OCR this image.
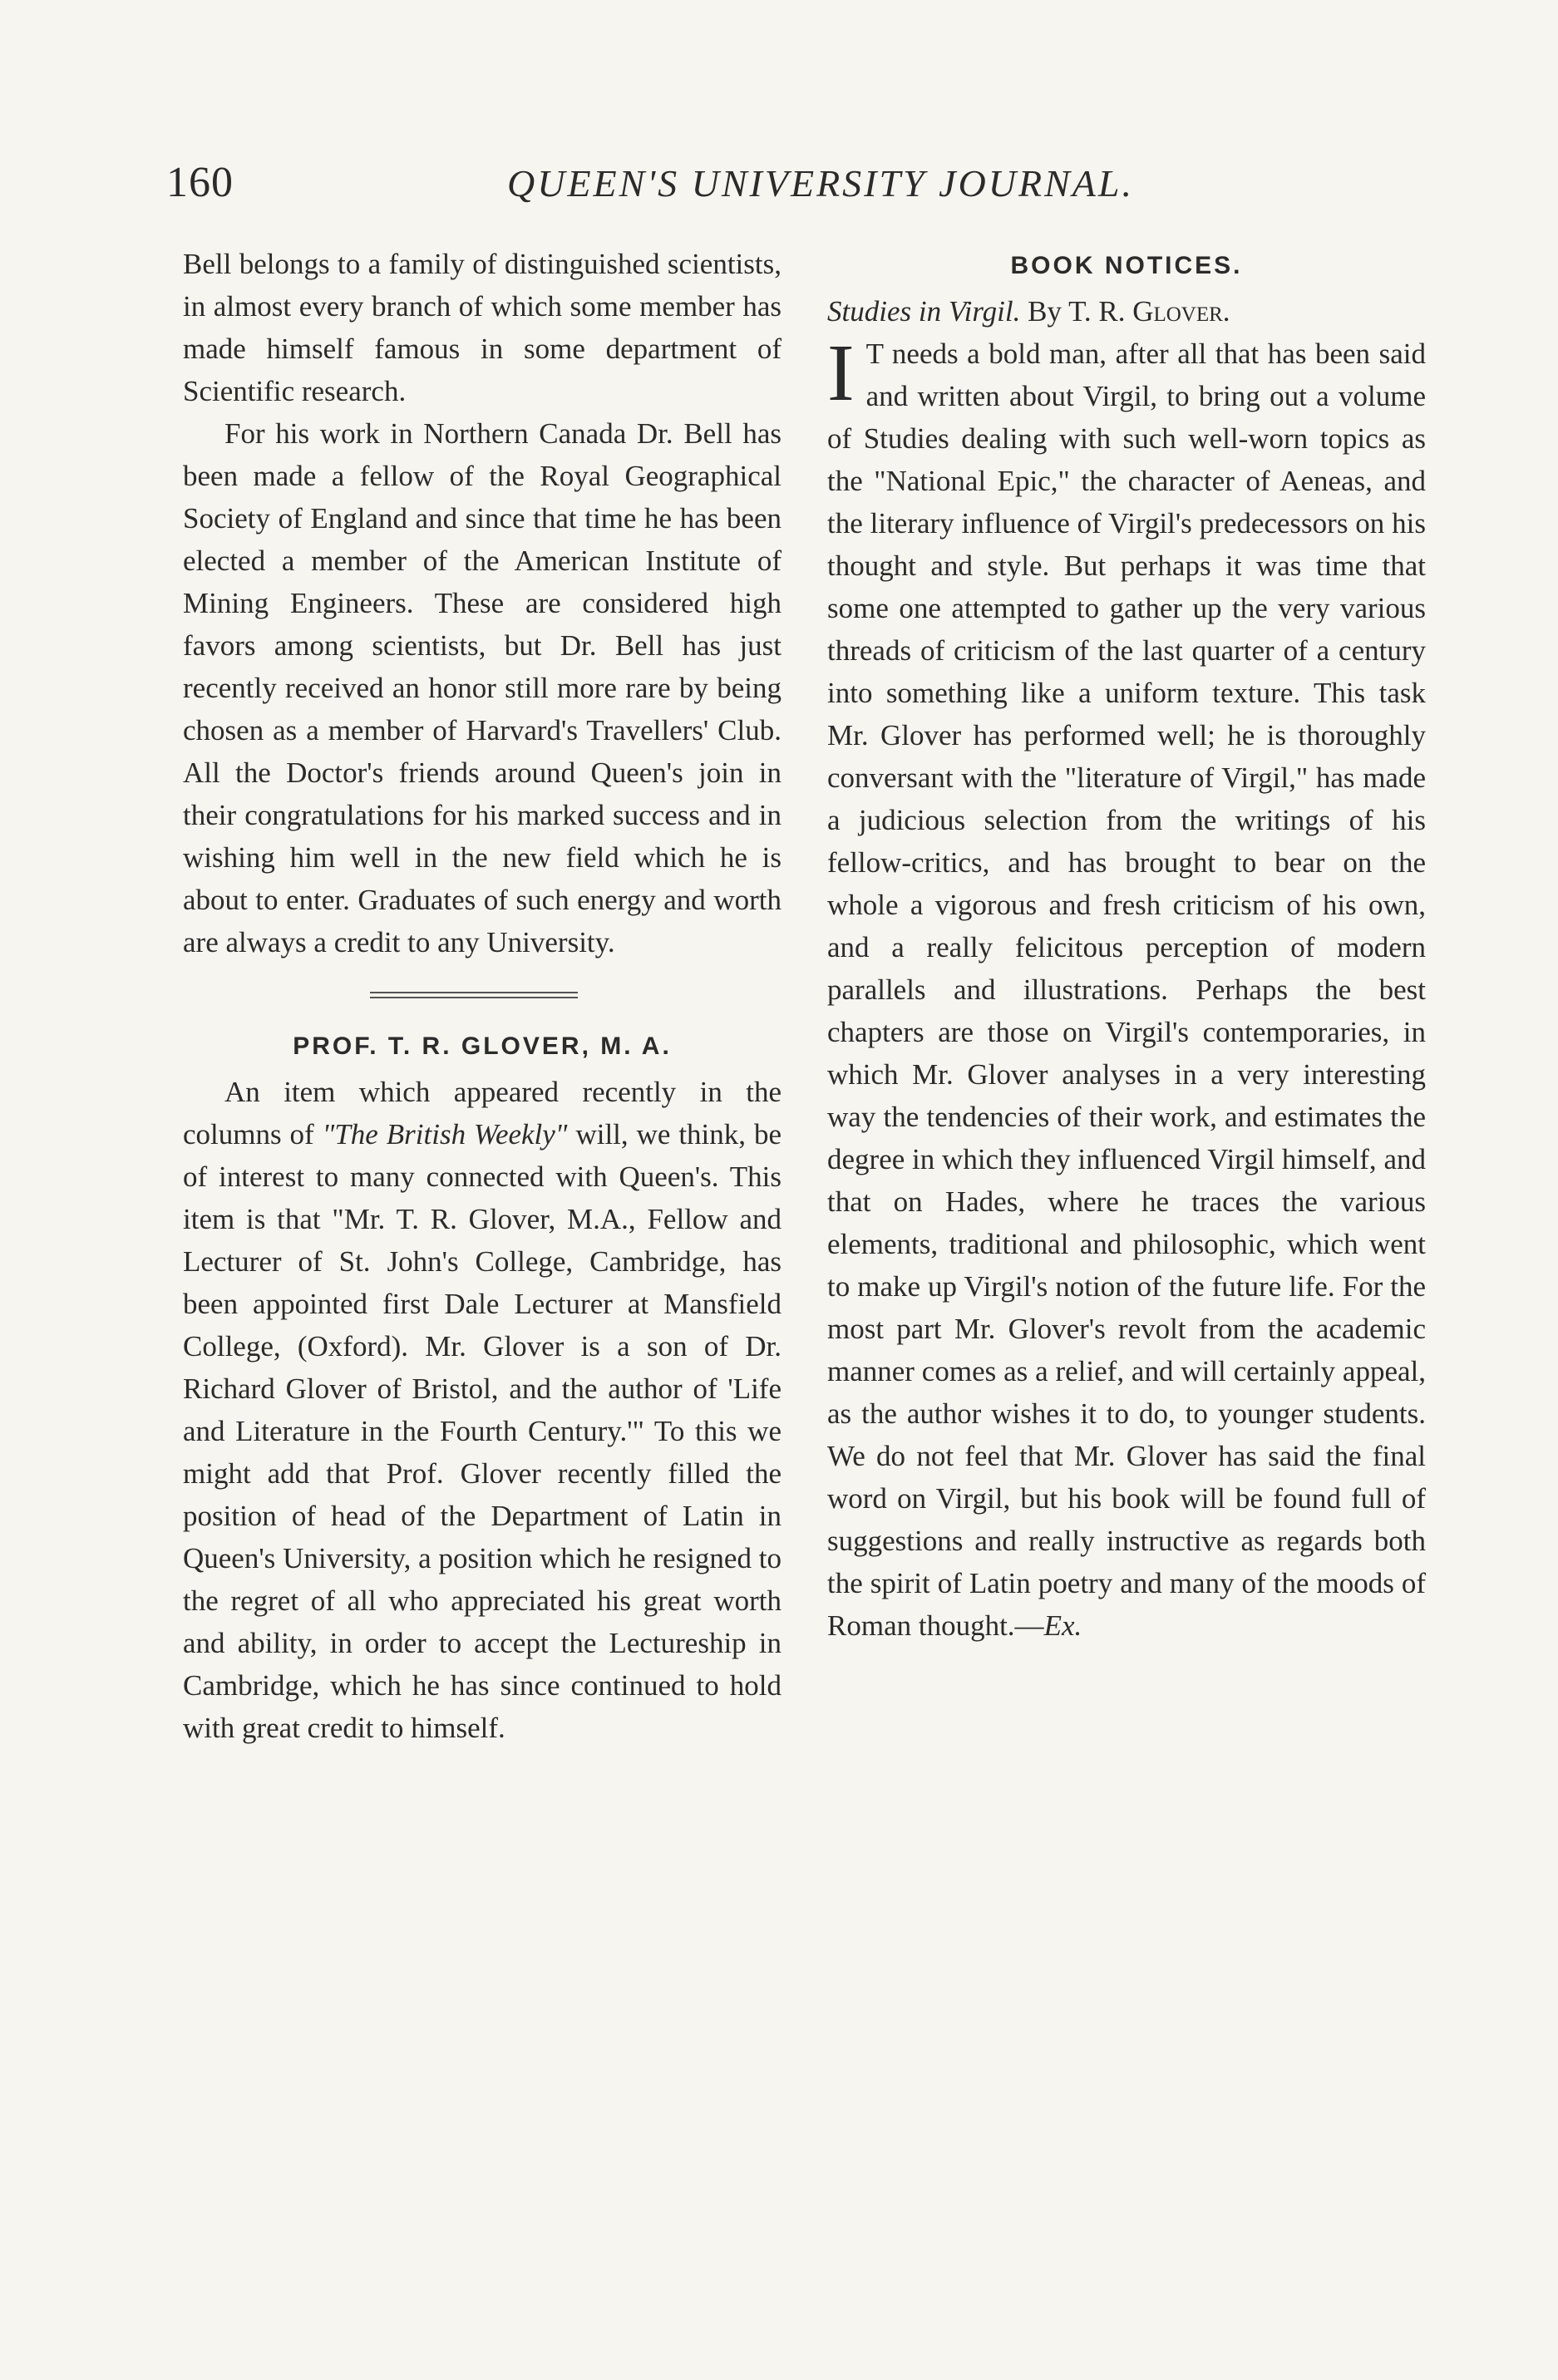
160	QUEEN'S UNIVERSITY JOURNAL.

Bell belongs to a family of distinguished scientists, in almost every branch of which some member has made himself famous in some department of Scientific research.

For his work in Northern Canada Dr. Bell has been made a fellow of the Royal Geographical Society of England and since that time he has been elected a member of the American Institute of Mining Engineers. These are considered high favors among scientists, but Dr. Bell has just recently received an honor still more rare by being chosen as a member of Harvard's Travellers' Club. All the Doctor's friends around Queen's join in their congratulations for his marked success and in wishing him well in the new field which he is about to enter. Graduates of such energy and worth are always a credit to any University.

PROF. T. R. GLOVER, M. A.

An item which appeared recently in the columns of "The British Weekly" will, we think, be of interest to many connected with Queen's. This item is that "Mr. T. R. Glover, M.A., Fellow and Lecturer of St. John's College, Cambridge, has been appointed first Dale Lecturer at Mansfield College, (Oxford). Mr. Glover is a son of Dr. Richard Glover of Bristol, and the author of 'Life and Literature in the Fourth Century.'" To this we might add that Prof. Glover recently filled the position of head of the Department of Latin in Queen's University, a position which he resigned to the regret of all who appreciated his great worth and ability, in order to accept the Lectureship in Cambridge, which he has since continued to hold with great credit to himself.

BOOK NOTICES.

Studies in Virgil. By T. R. Glover.

I T needs a bold man, after all that has been said and written about Virgil, to bring out a volume of Studies dealing with such well-worn topics as the "National Epic," the character of Aeneas, and the literary influence of Virgil's predecessors on his thought and style. But perhaps it was time that some one attempted to gather up the very various threads of criticism of the last quarter of a century into something like a uniform texture. This task Mr. Glover has performed well; he is thoroughly conversant with the "literature of Virgil," has made a judicious selection from the writings of his fellow-critics, and has brought to bear on the whole a vigorous and fresh criticism of his own, and a really felicitous perception of modern parallels and illustrations. Perhaps the best chapters are those on Virgil's contemporaries, in which Mr. Glover analyses in a very interesting way the tendencies of their work, and estimates the degree in which they influenced Virgil himself, and that on Hades, where he traces the various elements, traditional and philosophic, which went to make up Virgil's notion of the future life. For the most part Mr. Glover's revolt from the academic manner comes as a relief, and will certainly appeal, as the author wishes it to do, to younger students. We do not feel that Mr. Glover has said the final word on Virgil, but his book will be found full of suggestions and really instructive as regards both the spirit of Latin poetry and many of the moods of Roman thought.—Ex.
